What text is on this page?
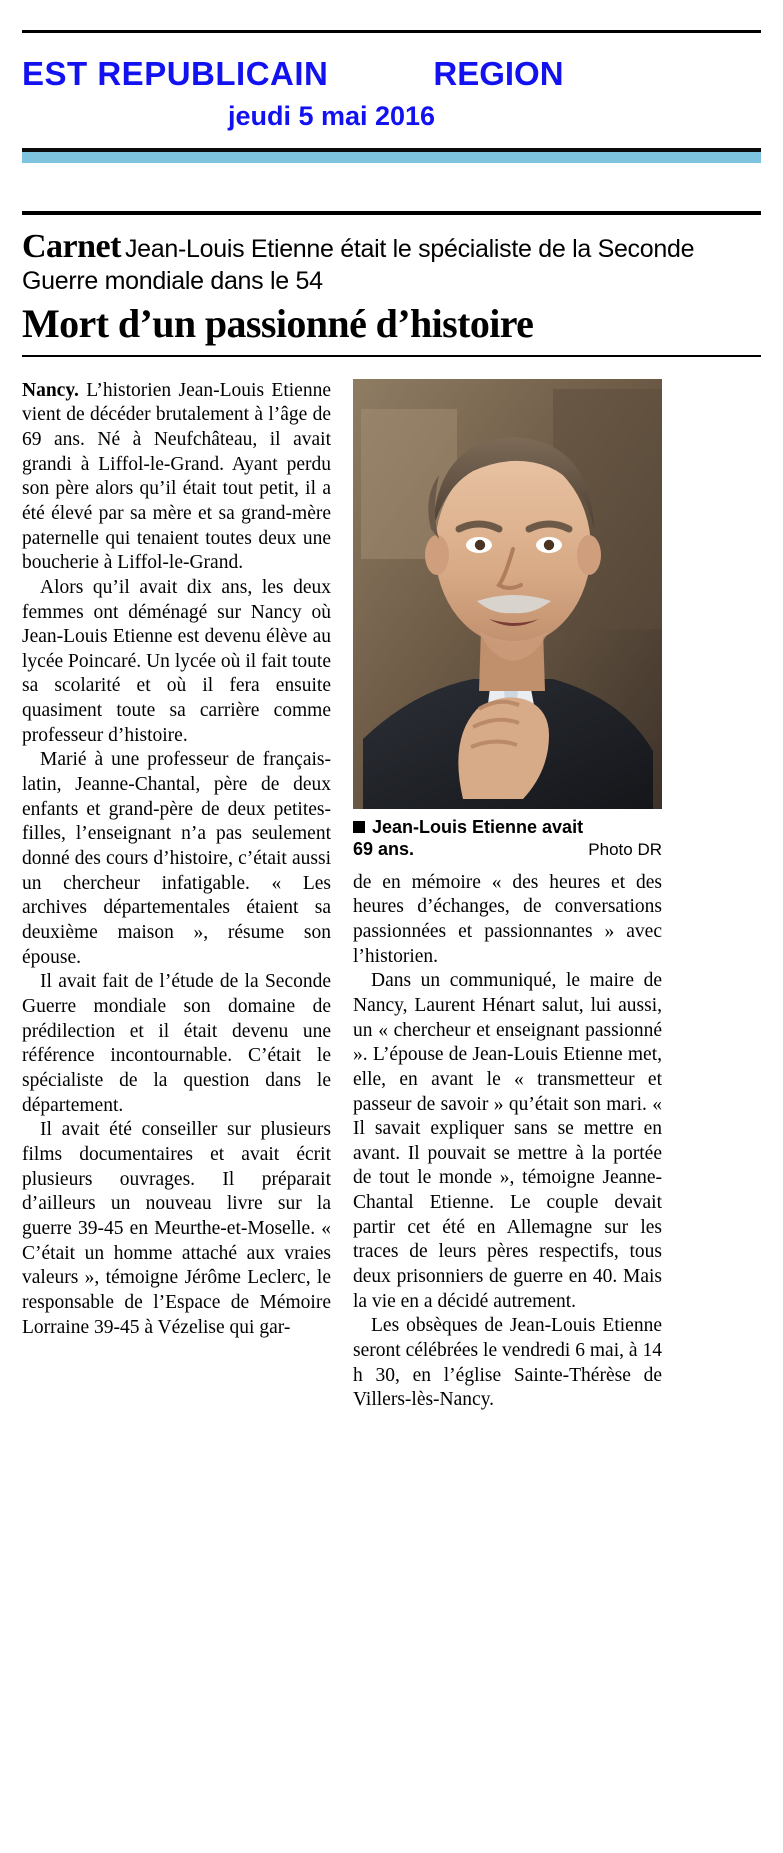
EST REPUBLICAIN	REGION
jeudi 5 mai 2016
Carnet Jean-Louis Etienne était le spécialiste de la Seconde Guerre mondiale dans le 54
Mort d’un passionné d’histoire

Nancy. L’historien Jean-Louis Etienne vient de décéder brutalement à l’âge de 69 ans. Né à Neufchâteau, il avait grandi à Liffol-le-Grand. Ayant perdu son père alors qu’il était tout petit, il a été élevé par sa mère et sa grand-mère paternelle qui tenaient toutes deux une boucherie à Liffol-le-Grand.

Alors qu’il avait dix ans, les deux femmes ont déménagé sur Nancy où Jean-Louis Etienne est devenu élève au lycée Poincaré. Un lycée où il fait toute sa scolarité et où il fera ensuite quasiment toute sa carrière comme professeur d’histoire.

Marié à une professeur de français-latin, Jeanne-Chantal, père de deux enfants et grand-père de deux petites-filles, l’enseignant n’a pas seulement donné des cours d’histoire, c’était aussi un chercheur infatigable. « Les archives départementales étaient sa deuxième maison », résume son épouse.

Il avait fait de l’étude de la Seconde Guerre mondiale son domaine de prédilection et il était devenu une référence incontournable. C’était le spécialiste de la question dans le département.

Il avait été conseiller sur plusieurs films documentaires et avait écrit plusieurs ouvrages. Il préparait d’ailleurs un nouveau livre sur la guerre 39-45 en Meurthe-et-Moselle. « C’était un homme attaché aux vraies valeurs », témoigne Jérôme Leclerc, le responsable de l’Espace de Mémoire Lorraine 39-45 à Vézelise qui gar-

Jean-Louis Etienne avait
69 ans.	Photo DR

de en mémoire « des heures et des heures d’échanges, de conversations passionnées et passionnantes » avec l’historien.

Dans un communiqué, le maire de Nancy, Laurent Hénart salut, lui aussi, un « chercheur et enseignant passionné ». L’épouse de Jean-Louis Etienne met, elle, en avant le « transmetteur et passeur de savoir » qu’était son mari. « Il savait expliquer sans se mettre en avant. Il pouvait se mettre à la portée de tout le monde », témoigne Jeanne-Chantal Etienne. Le couple devait partir cet été en Allemagne sur les traces de leurs pères respectifs, tous deux prisonniers de guerre en 40. Mais la vie en a décidé autrement.

Les obsèques de Jean-Louis Etienne seront célébrées le vendredi 6 mai, à 14 h 30, en l’église Sainte-Thérèse de Villers-lès-Nancy.
